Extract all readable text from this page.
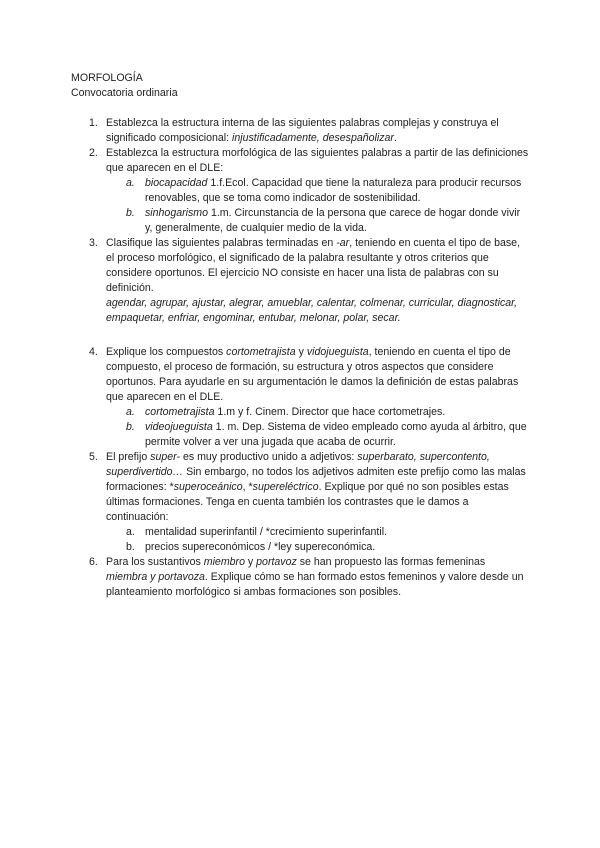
MORFOLOGÍA
Convocatoria ordinaria
1. Establezca la estructura interna de las siguientes palabras complejas y construya el significado composicional: injustificadamente, desespañolizar.
2. Establezca la estructura morfológica de las siguientes palabras a partir de las definiciones que aparecen en el DLE:
a. biocapacidad 1.f.Ecol. Capacidad que tiene la naturaleza para producir recursos renovables, que se toma como indicador de sostenibilidad.
b. sinhogarismo 1.m. Circunstancia de la persona que carece de hogar donde vivir y, generalmente, de cualquier medio de la vida.
3. Clasifique las siguientes palabras terminadas en -ar, teniendo en cuenta el tipo de base, el proceso morfológico, el significado de la palabra resultante y otros criterios que considere oportunos. El ejercicio NO consiste en hacer una lista de palabras con su definición.
agendar, agrupar, ajustar, alegrar, amueblar, calentar, colmenar, curricular, diagnosticar, empaquetar, enfriar, engominar, entubar, melonar, polar, secar.
4. Explique los compuestos cortometrajista y vidojueguista, teniendo en cuenta el tipo de compuesto, el proceso de formación, su estructura y otros aspectos que considere oportunos. Para ayudarle en su argumentación le damos la definición de estas palabras que aparecen en el DLE.
a. cortometrajista 1.m y f. Cinem. Director que hace cortometrajes.
b. videojueguista 1. m. Dep. Sistema de video empleado como ayuda al árbitro, que permite volver a ver una jugada que acaba de ocurrir.
5. El prefijo super- es muy productivo unido a adjetivos: superbarato, supercontento, superdivertido… Sin embargo, no todos los adjetivos admiten este prefijo como las malas formaciones: *superoceánico, *supereléctrico. Explique por qué no son posibles estas últimas formaciones. Tenga en cuenta también los contrastes que le damos a continuación:
a. mentalidad superinfantil / *crecimiento superinfantil.
b. precios supereconómicos / *ley supereconómica.
6. Para los sustantivos miembro y portavoz se han propuesto las formas femeninas miembra y portavoza. Explique cómo se han formado estos femeninos y valore desde un planteamiento morfológico si ambas formaciones son posibles.
